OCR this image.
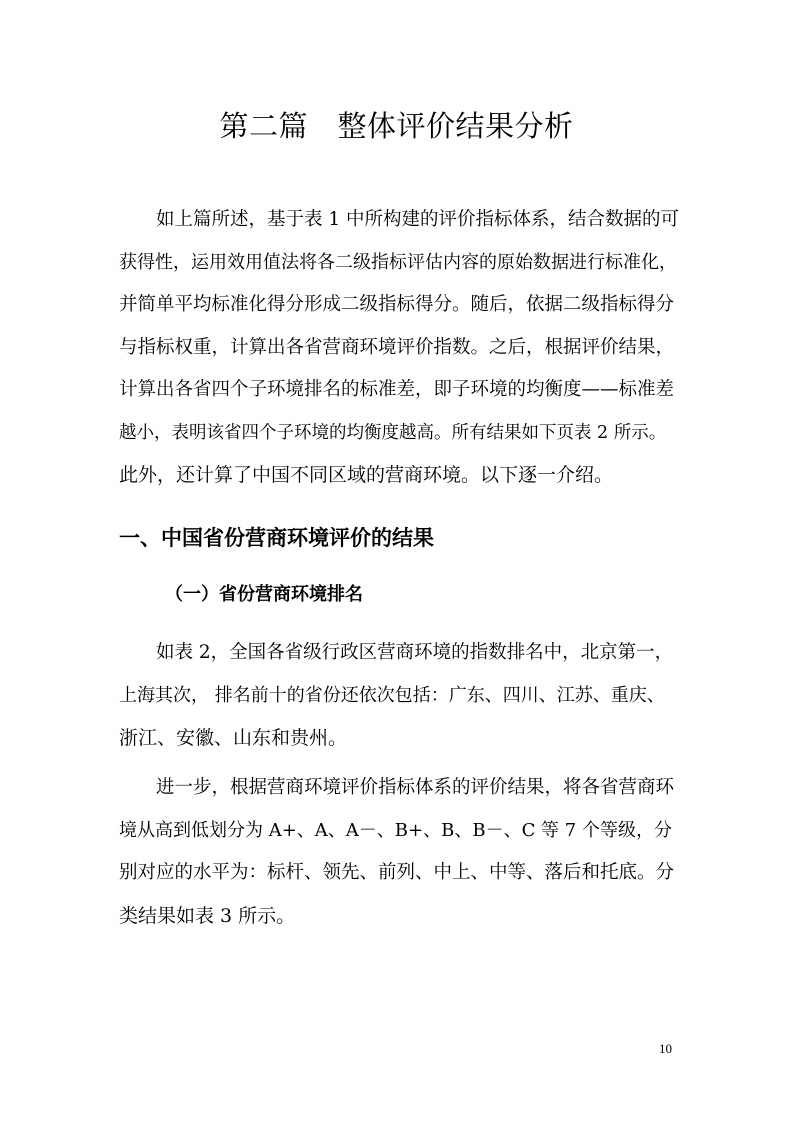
第二篇　整体评价结果分析
　　如上篇所述，基于表 1 中所构建的评价指标体系，结合数据的可
获得性，运用效用值法将各二级指标评估内容的原始数据进行标准化，
并简单平均标准化得分形成二级指标得分。随后，依据二级指标得分
与指标权重，计算出各省营商环境评价指数。之后，根据评价结果，
计算出各省四个子环境排名的标准差，即子环境的均衡度——标准差
越小，表明该省四个子环境的均衡度越高。所有结果如下页表 2 所示。
此外，还计算了中国不同区域的营商环境。以下逐一介绍。
一、中国省份营商环境评价的结果
（一）省份营商环境排名
　　如表 2，全国各省级行政区营商环境的指数排名中，北京第一，
上海其次， 排名前十的省份还依次包括：广东、四川、江苏、重庆、
浙江、安徽、山东和贵州。
　　进一步，根据营商环境评价指标体系的评价结果，将各省营商环
境从高到低划分为 A+、A、A－、B+、B、B－、C 等 7 个等级，分
别对应的水平为：标杆、领先、前列、中上、中等、落后和托底。分
类结果如表 3 所示。
10
